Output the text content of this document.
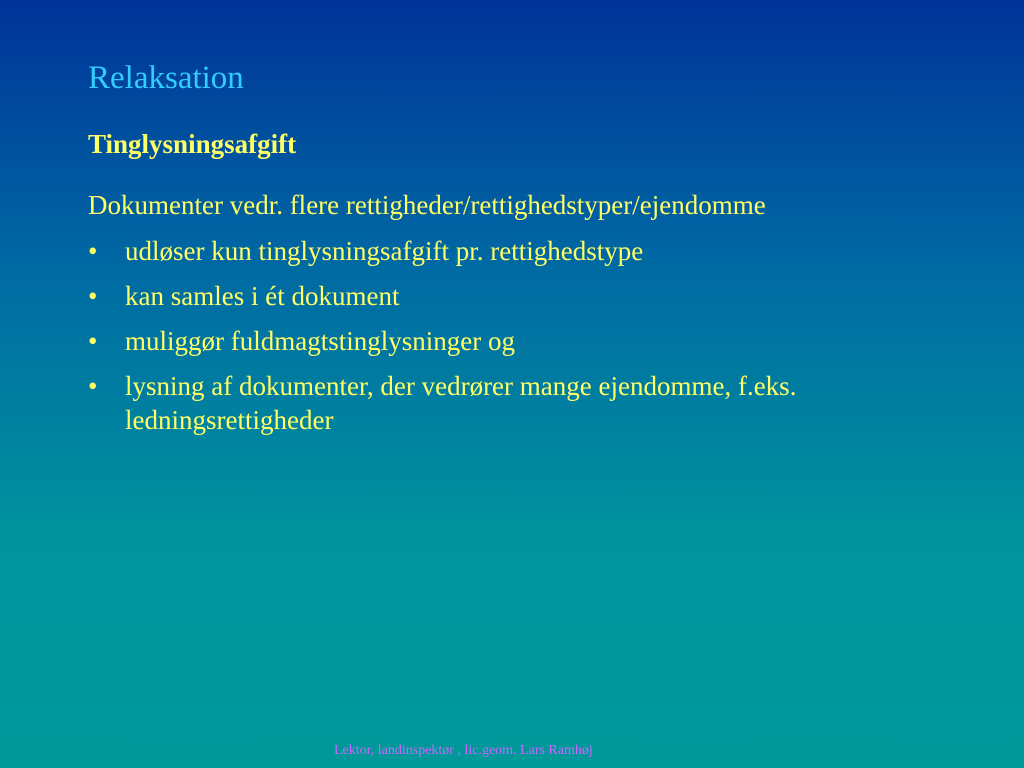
Relaksation
Tinglysningsafgift
Dokumenter vedr. flere rettigheder/rettighedstyper/ejendomme
• udløser kun tinglysningsafgift pr. rettighedstype
• kan samles i ét dokument
• muliggør fuldmagtstinglysninger og
• lysning af dokumenter, der vedrører mange ejendomme, f.eks. ledningsrettigheder
Lektor, landinspektør , lic.geom. Lars Ramhøj
